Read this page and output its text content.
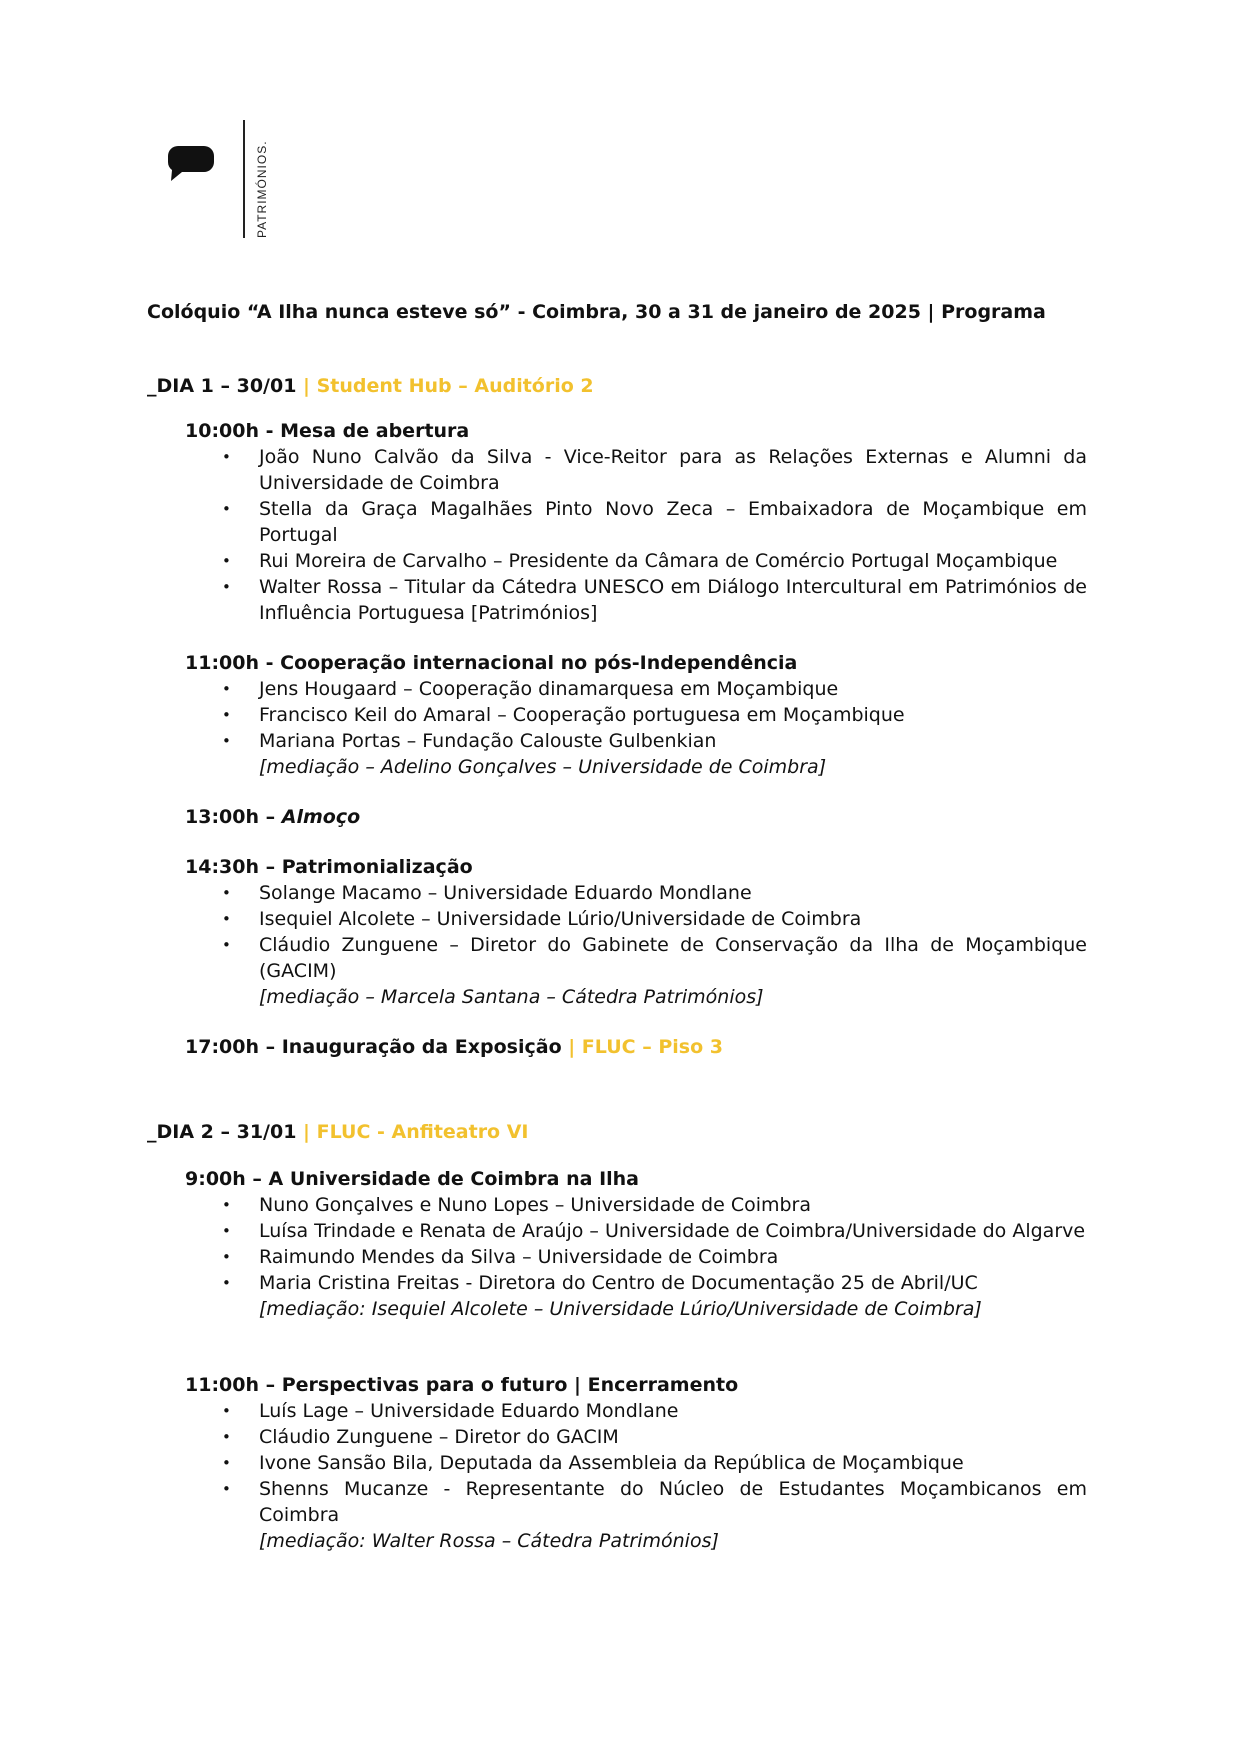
PATRIMÓNIOS.

Colóquio “A Ilha nunca esteve só” - Coimbra, 30 a 31 de janeiro de 2025 | Programa

_DIA 1 – 30/01 | Student Hub – Auditório 2
10:00h - Mesa de abertura
• João Nuno Calvão da Silva - Vice-Reitor para as Relações Externas e Alumni da Universidade de Coimbra
• Stella da Graça Magalhães Pinto Novo Zeca – Embaixadora de Moçambique em Portugal
• Rui Moreira de Carvalho – Presidente da Câmara de Comércio Portugal Moçambique
• Walter Rossa – Titular da Cátedra UNESCO em Diálogo Intercultural em Patrimónios de Influência Portuguesa [Patrimónios]
11:00h - Cooperação internacional no pós-Independência
• Jens Hougaard – Cooperação dinamarquesa em Moçambique
• Francisco Keil do Amaral – Cooperação portuguesa em Moçambique
• Mariana Portas – Fundação Calouste Gulbenkian
[mediação – Adelino Gonçalves – Universidade de Coimbra]
13:00h – Almoço
14:30h – Patrimonialização
• Solange Macamo – Universidade Eduardo Mondlane
• Isequiel Alcolete – Universidade Lúrio/Universidade de Coimbra
• Cláudio Zunguene – Diretor do Gabinete de Conservação da Ilha de Moçambique (GACIM)
[mediação – Marcela Santana – Cátedra Patrimónios]
17:00h – Inauguração da Exposição | FLUC – Piso 3
_DIA 2 – 31/01 | FLUC - Anfiteatro VI
9:00h – A Universidade de Coimbra na Ilha
• Nuno Gonçalves e Nuno Lopes – Universidade de Coimbra
• Luísa Trindade e Renata de Araújo – Universidade de Coimbra/Universidade do Algarve
• Raimundo Mendes da Silva – Universidade de Coimbra
• Maria Cristina Freitas - Diretora do Centro de Documentação 25 de Abril/UC
[mediação: Isequiel Alcolete – Universidade Lúrio/Universidade de Coimbra]
11:00h – Perspectivas para o futuro | Encerramento
• Luís Lage – Universidade Eduardo Mondlane
• Cláudio Zunguene – Diretor do GACIM
• Ivone Sansão Bila, Deputada da Assembleia da República de Moçambique
• Shenns Mucanze - Representante do Núcleo de Estudantes Moçambicanos em Coimbra
[mediação: Walter Rossa – Cátedra Patrimónios]
